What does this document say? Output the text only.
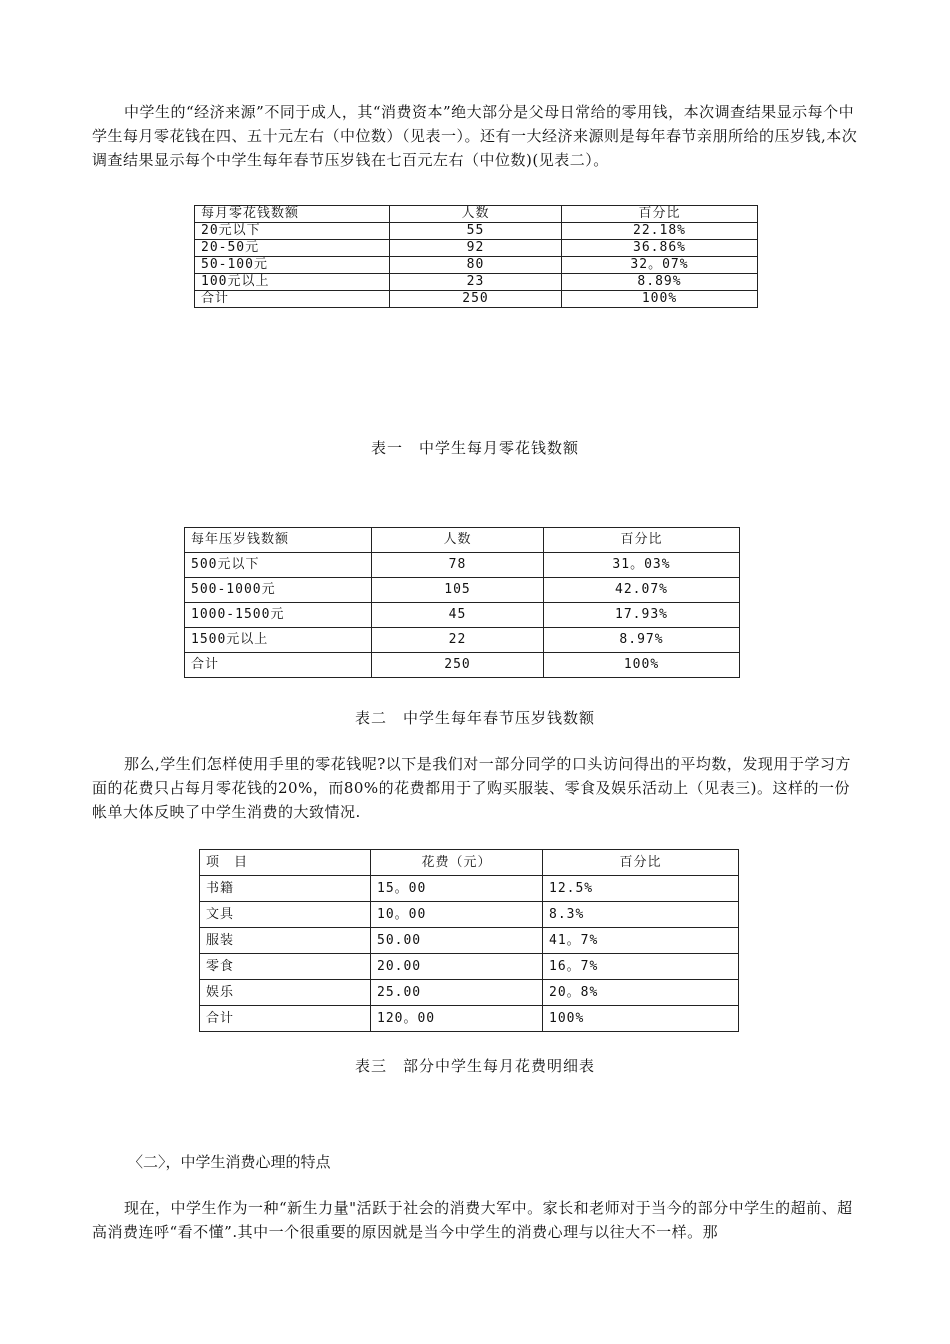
中学生的“经济来源”不同于成人，其“消费资本”绝大部分是父母日常给的零用钱，本次调查结果显示每个中学生每月零花钱在四、五十元左右（中位数）（见表一）。还有一大经济来源则是每年春节亲朋所给的压岁钱,本次调查结果显示每个中学生每年春节压岁钱在七百元左右（中位数)(见表二）。

每月零花钱数额	人数	百分比
20元以下	55	22.18%
20-50元	92	36.86%
50-100元	80	32。07%
100元以上	23	8.89%
合计	250	100%

表一　中学生每月零花钱数额

每年压岁钱数额	人数	百分比
500元以下	78	31。03%
500-1000元	105	42.07%
1000-1500元	45	17.93%
1500元以上	22	8.97%
合计	250	100%

表二　中学生每年春节压岁钱数额

那么,学生们怎样使用手里的零花钱呢?以下是我们对一部分同学的口头访问得出的平均数，发现用于学习方面的花费只占每月零花钱的20%，而80%的花费都用于了购买服装、零食及娱乐活动上（见表三)。这样的一份帐单大体反映了中学生消费的大致情况.

项　目	花费（元）	百分比
书籍	15。00	12.5%
文具	10。00	8.3%
服装	50.00	41。7%
零食	20.00	16。7%
娱乐	25.00	20。8%
合计	120。00	100%

表三　部分中学生每月花费明细表

〈二〉，中学生消费心理的特点

现在，中学生作为一种“新生力量"活跃于社会的消费大军中。家长和老师对于当今的部分中学生的超前、超高消费连呼“看不懂”.其中一个很重要的原因就是当今中学生的消费心理与以往大不一样。那
